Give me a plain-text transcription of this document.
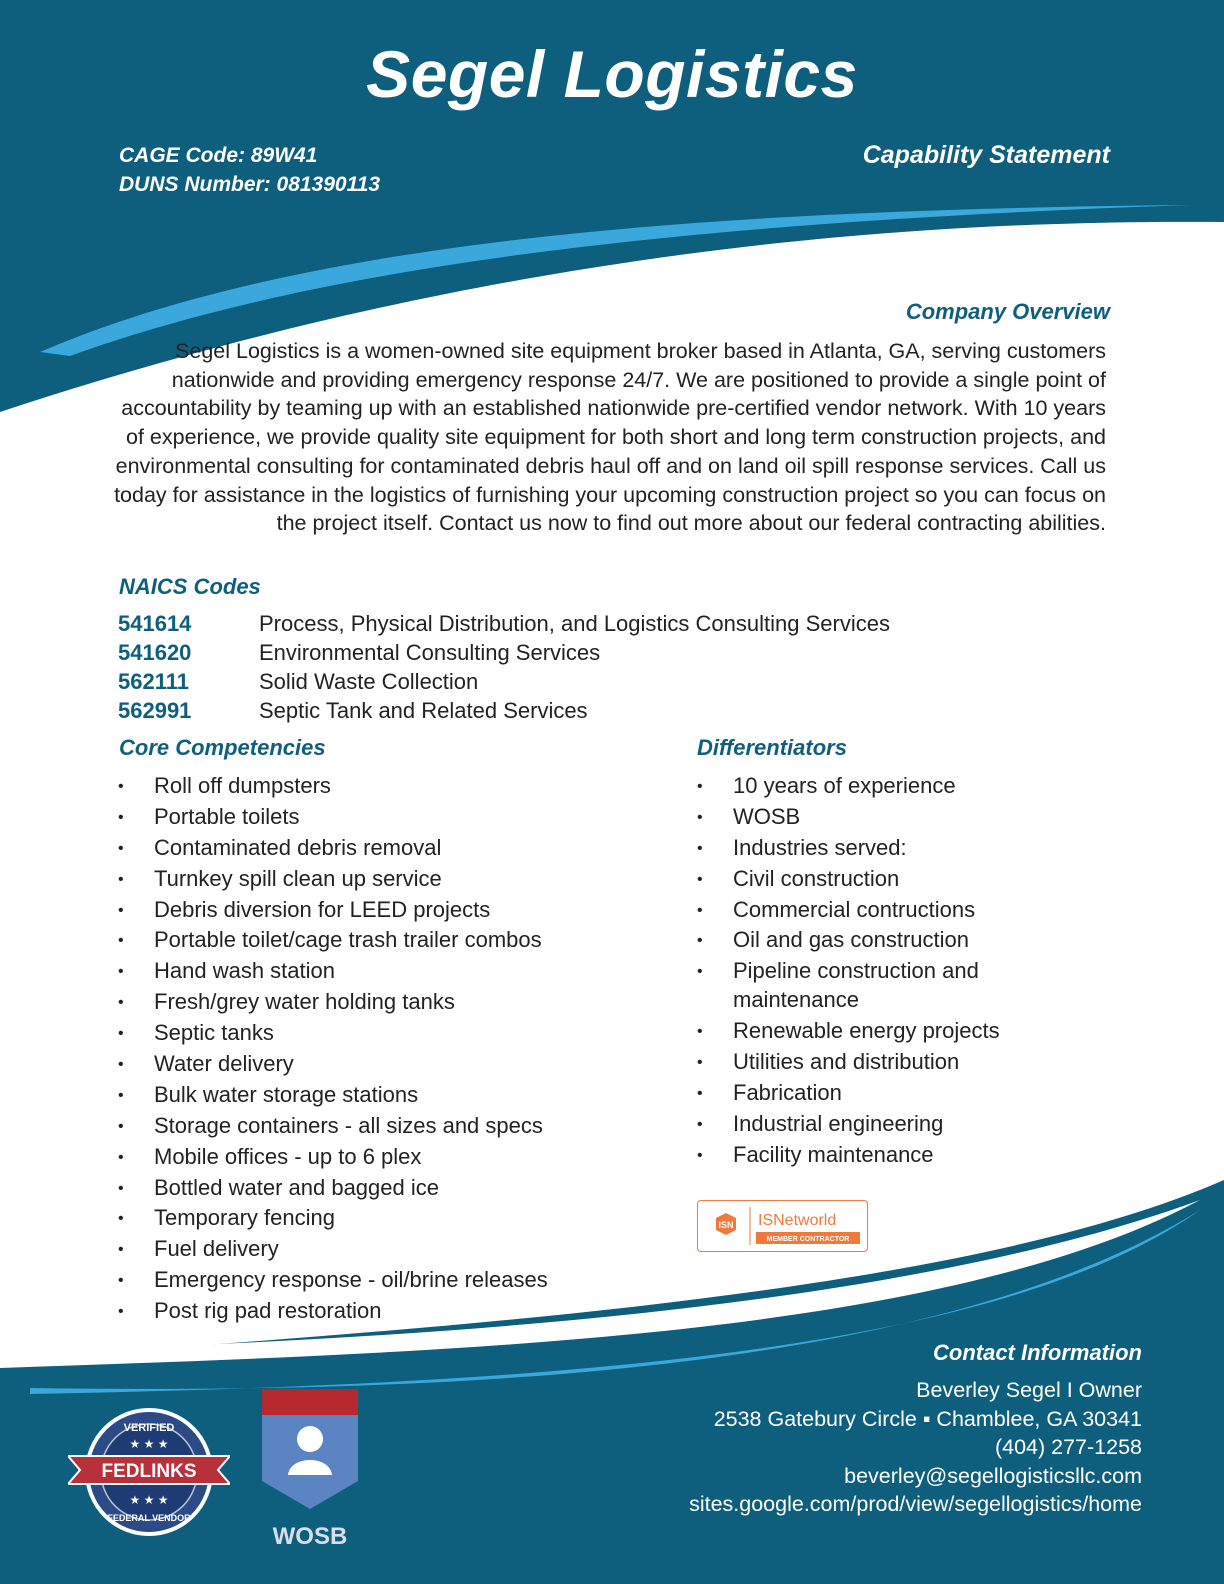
Segel Logistics
CAGE Code: 89W41
DUNS Number: 081390113
Capability Statement
Company Overview
Segel Logistics is a women-owned site equipment broker based in Atlanta, GA, serving customers nationwide and providing emergency response 24/7. We are positioned to provide a single point of accountability by teaming up with an established nationwide pre-certified vendor network. With 10 years of experience, we provide quality site equipment for both short and long term construction projects, and environmental consulting for contaminated debris haul off and on land oil spill response services. Call us today for assistance in the logistics of furnishing your upcoming construction project so you can focus on the project itself. Contact us now to find out more about our federal contracting abilities.
NAICS Codes
541614	Process, Physical Distribution, and Logistics Consulting Services
541620	Environmental Consulting Services
562111	Solid Waste Collection
562991	Septic Tank and Related Services
Core Competencies
• Roll off dumpsters
• Portable toilets
• Contaminated debris removal
• Turnkey spill clean up service
• Debris diversion for LEED projects
• Portable toilet/cage trash trailer combos
• Hand wash station
• Fresh/grey water holding tanks
• Septic tanks
• Water delivery
• Bulk water storage stations
• Storage containers - all sizes and specs
• Mobile offices - up to 6 plex
• Bottled water and bagged ice
• Temporary fencing
• Fuel delivery
• Emergency response - oil/brine releases
• Post rig pad restoration
Differentiators
• 10 years of experience
• WOSB
• Industries served:
• Civil construction
• Commercial contructions
• Oil and gas construction
• Pipeline construction and maintenance
• Renewable energy projects
• Utilities and distribution
• Fabrication
• Industrial engineering
• Facility maintenance
ISN ISNetworld
MEMBER CONTRACTOR
VERIFIED
★ ★ ★
FEDLINKS
★ ★ ★
FEDERAL VENDOR
WOSB
Contact Information
Beverley Segel I Owner
2538 Gatebury Circle ▪ Chamblee, GA 30341
(404) 277-1258
beverley@segellogisticsllc.com
sites.google.com/prod/view/segellogistics/home
